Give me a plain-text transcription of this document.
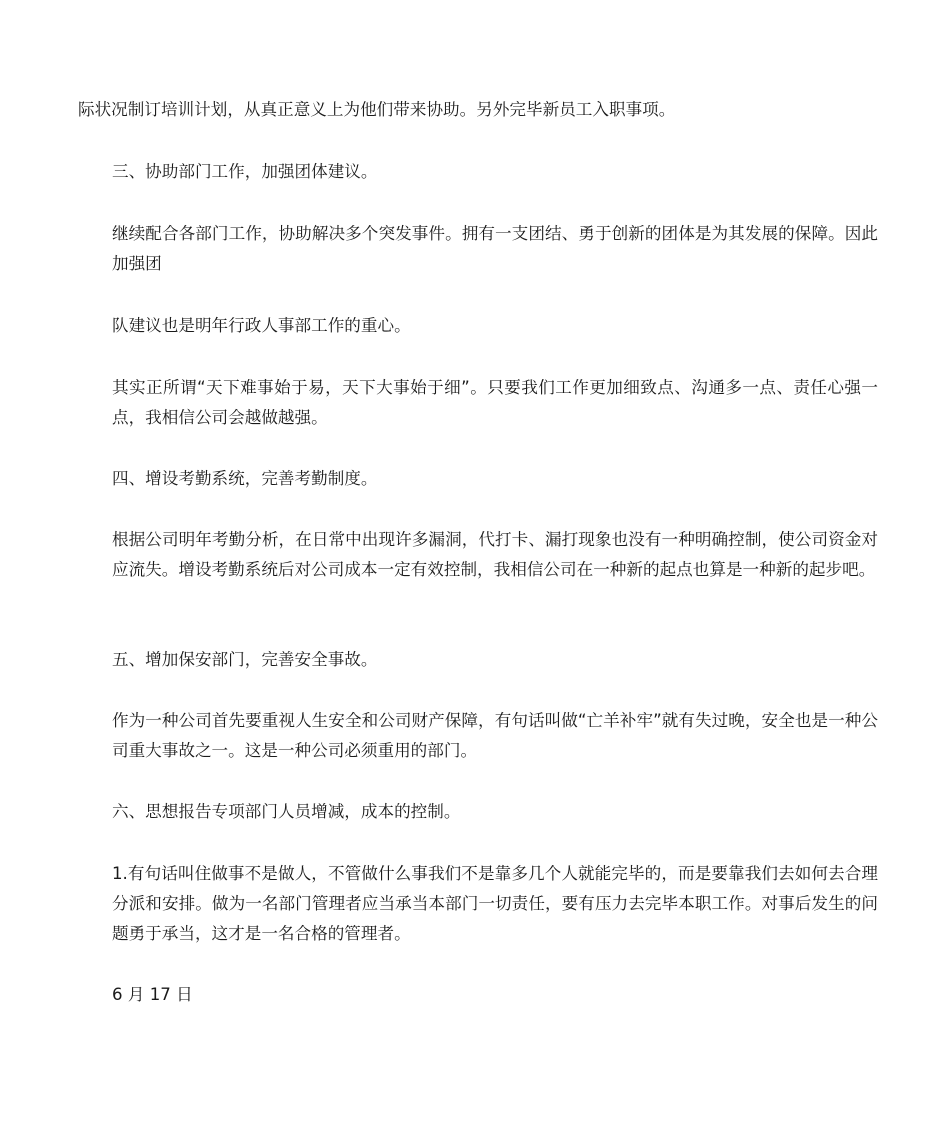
际状况制订培训计划，从真正意义上为他们带来协助。另外完毕新员工入职事项。

三、协助部门工作，加强团体建议。

继续配合各部门工作，协助解决多个突发事件。拥有一支团结、勇于创新的团体是为其发展的保障。因此加强团

队建议也是明年行政人事部工作的重心。

其实正所谓“天下难事始于易，天下大事始于细”。只要我们工作更加细致点、沟通多一点、责任心强一点，我相信公司会越做越强。

四、增设考勤系统，完善考勤制度。

根据公司明年考勤分析，在日常中出现许多漏洞，代打卡、漏打现象也没有一种明确控制，使公司资金对应流失。增设考勤系统后对公司成本一定有效控制，我相信公司在一种新的起点也算是一种新的起步吧。

五、增加保安部门，完善安全事故。

作为一种公司首先要重视人生安全和公司财产保障，有句话叫做“亡羊补牢”就有失过晚，安全也是一种公司重大事故之一。这是一种公司必须重用的部门。

六、思想报告专项部门人员增减，成本的控制。

1.有句话叫住做事不是做人，不管做什么事我们不是靠多几个人就能完毕的，而是要靠我们去如何去合理分派和安排。做为一名部门管理者应当承当本部门一切责任，要有压力去完毕本职工作。对事后发生的问题勇于承当，这才是一名合格的管理者。

6 月 17 日
